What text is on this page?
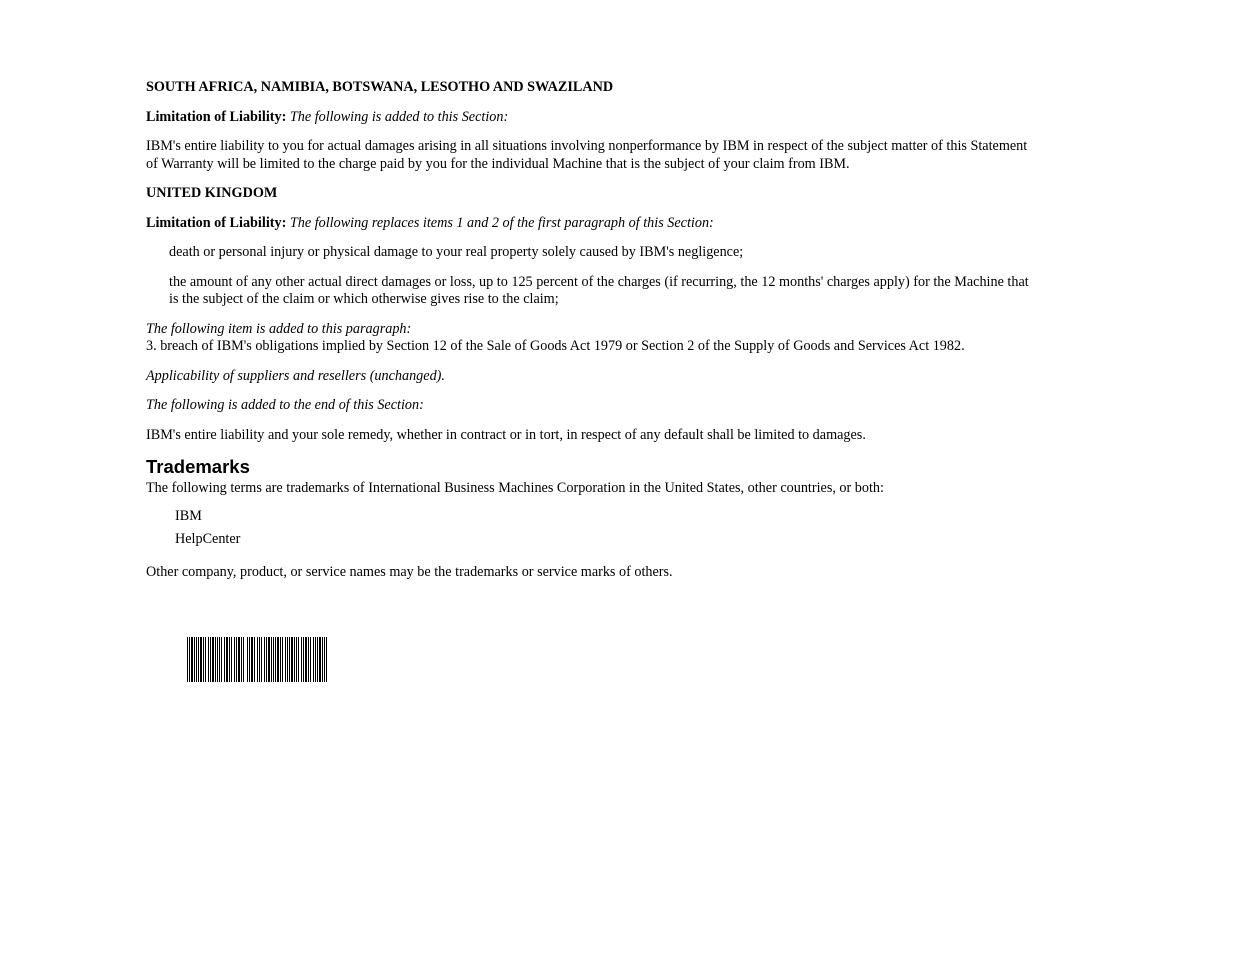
SOUTH AFRICA, NAMIBIA, BOTSWANA, LESOTHO AND SWAZILAND

Limitation of Liability: The following is added to this Section:

IBM's entire liability to you for actual damages arising in all situations involving nonperformance by IBM in respect of the subject matter of this Statement of Warranty will be limited to the charge paid by you for the individual Machine that is the subject of your claim from IBM.

UNITED KINGDOM

Limitation of Liability: The following replaces items 1 and 2 of the first paragraph of this Section:

death or personal injury or physical damage to your real property solely caused by IBM's negligence;

the amount of any other actual direct damages or loss, up to 125 percent of the charges (if recurring, the 12 months' charges apply) for the Machine that is the subject of the claim or which otherwise gives rise to the claim;

The following item is added to this paragraph:
3. breach of IBM's obligations implied by Section 12 of the Sale of Goods Act 1979 or Section 2 of the Supply of Goods and Services Act 1982.

Applicability of suppliers and resellers (unchanged).

The following is added to the end of this Section:

IBM's entire liability and your sole remedy, whether in contract or in tort, in respect of any default shall be limited to damages.

Trademarks

The following terms are trademarks of International Business Machines Corporation in the United States, other countries, or both:

IBM
HelpCenter

Other company, product, or service names may be the trademarks or service marks of others.
